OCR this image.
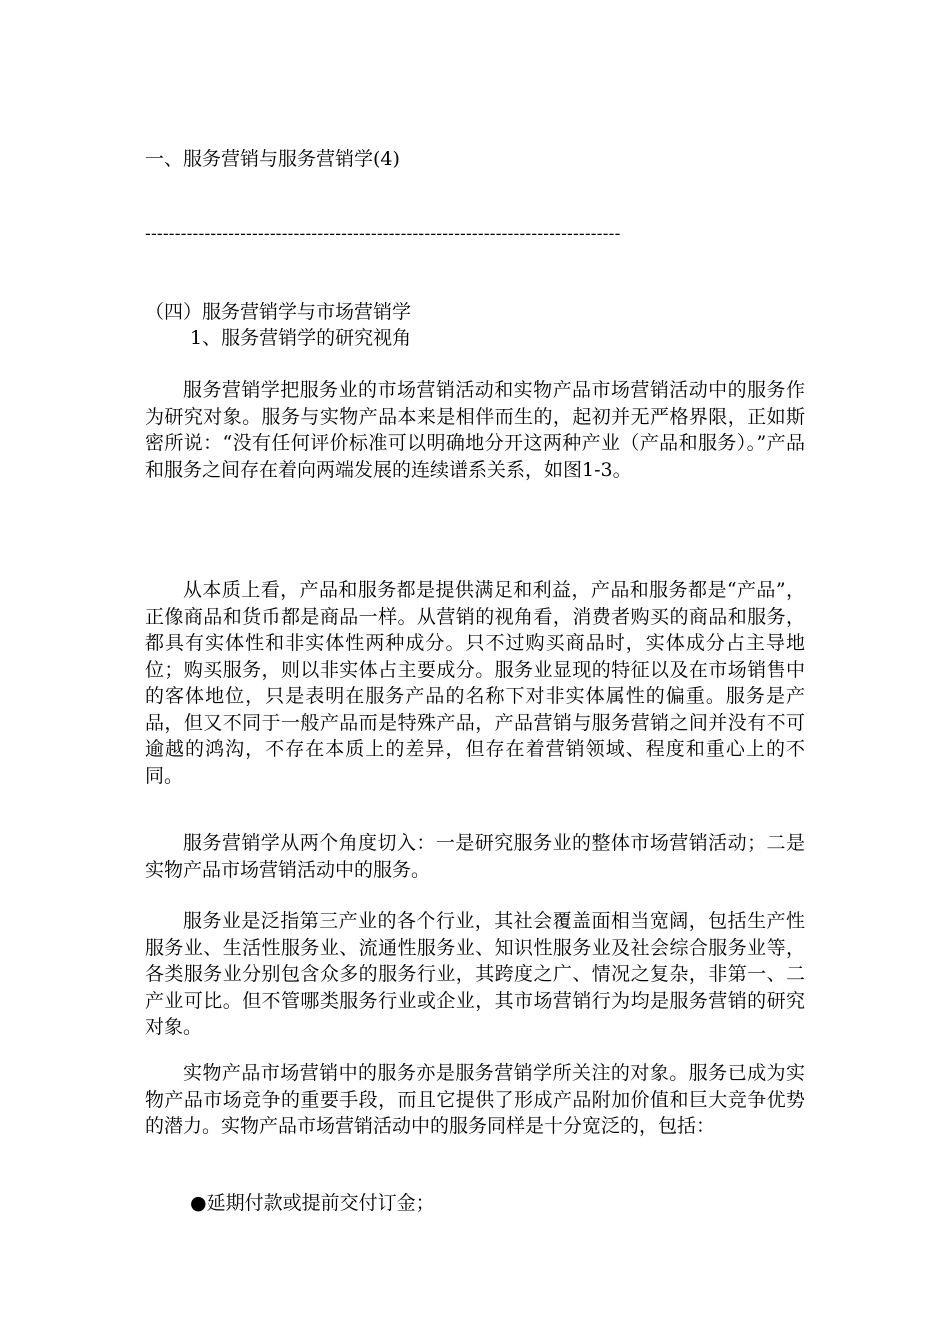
一、服务营销与服务营销学(4)
--------------------------------------------------------------------------------
（四）服务营销学与市场营销学
1、服务营销学的研究视角

服务营销学把服务业的市场营销活动和实物产品市场营销活动中的服务作为研究对象。服务与实物产品本来是相伴而生的，起初并无严格界限，正如斯密所说：“没有任何评价标准可以明确地分开这两种产业（产品和服务）。”产品和服务之间存在着向两端发展的连续谱系关系，如图1-3。

从本质上看，产品和服务都是提供满足和利益，产品和服务都是“产品”，正像商品和货币都是商品一样。从营销的视角看，消费者购买的商品和服务，都具有实体性和非实体性两种成分。只不过购买商品时，实体成分占主导地位；购买服务，则以非实体占主要成分。服务业显现的特征以及在市场销售中的客体地位，只是表明在服务产品的名称下对非实体属性的偏重。服务是产品，但又不同于一般产品而是特殊产品，产品营销与服务营销之间并没有不可逾越的鸿沟，不存在本质上的差异，但存在着营销领域、程度和重心上的不同。

服务营销学从两个角度切入：一是研究服务业的整体市场营销活动；二是实物产品市场营销活动中的服务。

服务业是泛指第三产业的各个行业，其社会覆盖面相当宽阔，包括生产性服务业、生活性服务业、流通性服务业、知识性服务业及社会综合服务业等，各类服务业分别包含众多的服务行业，其跨度之广、情况之复杂，非第一、二产业可比。但不管哪类服务行业或企业，其市场营销行为均是服务营销的研究对象。

实物产品市场营销中的服务亦是服务营销学所关注的对象。服务已成为实物产品市场竞争的重要手段，而且它提供了形成产品附加价值和巨大竞争优势的潜力。实物产品市场营销活动中的服务同样是十分宽泛的，包括：

●延期付款或提前交付订金；
